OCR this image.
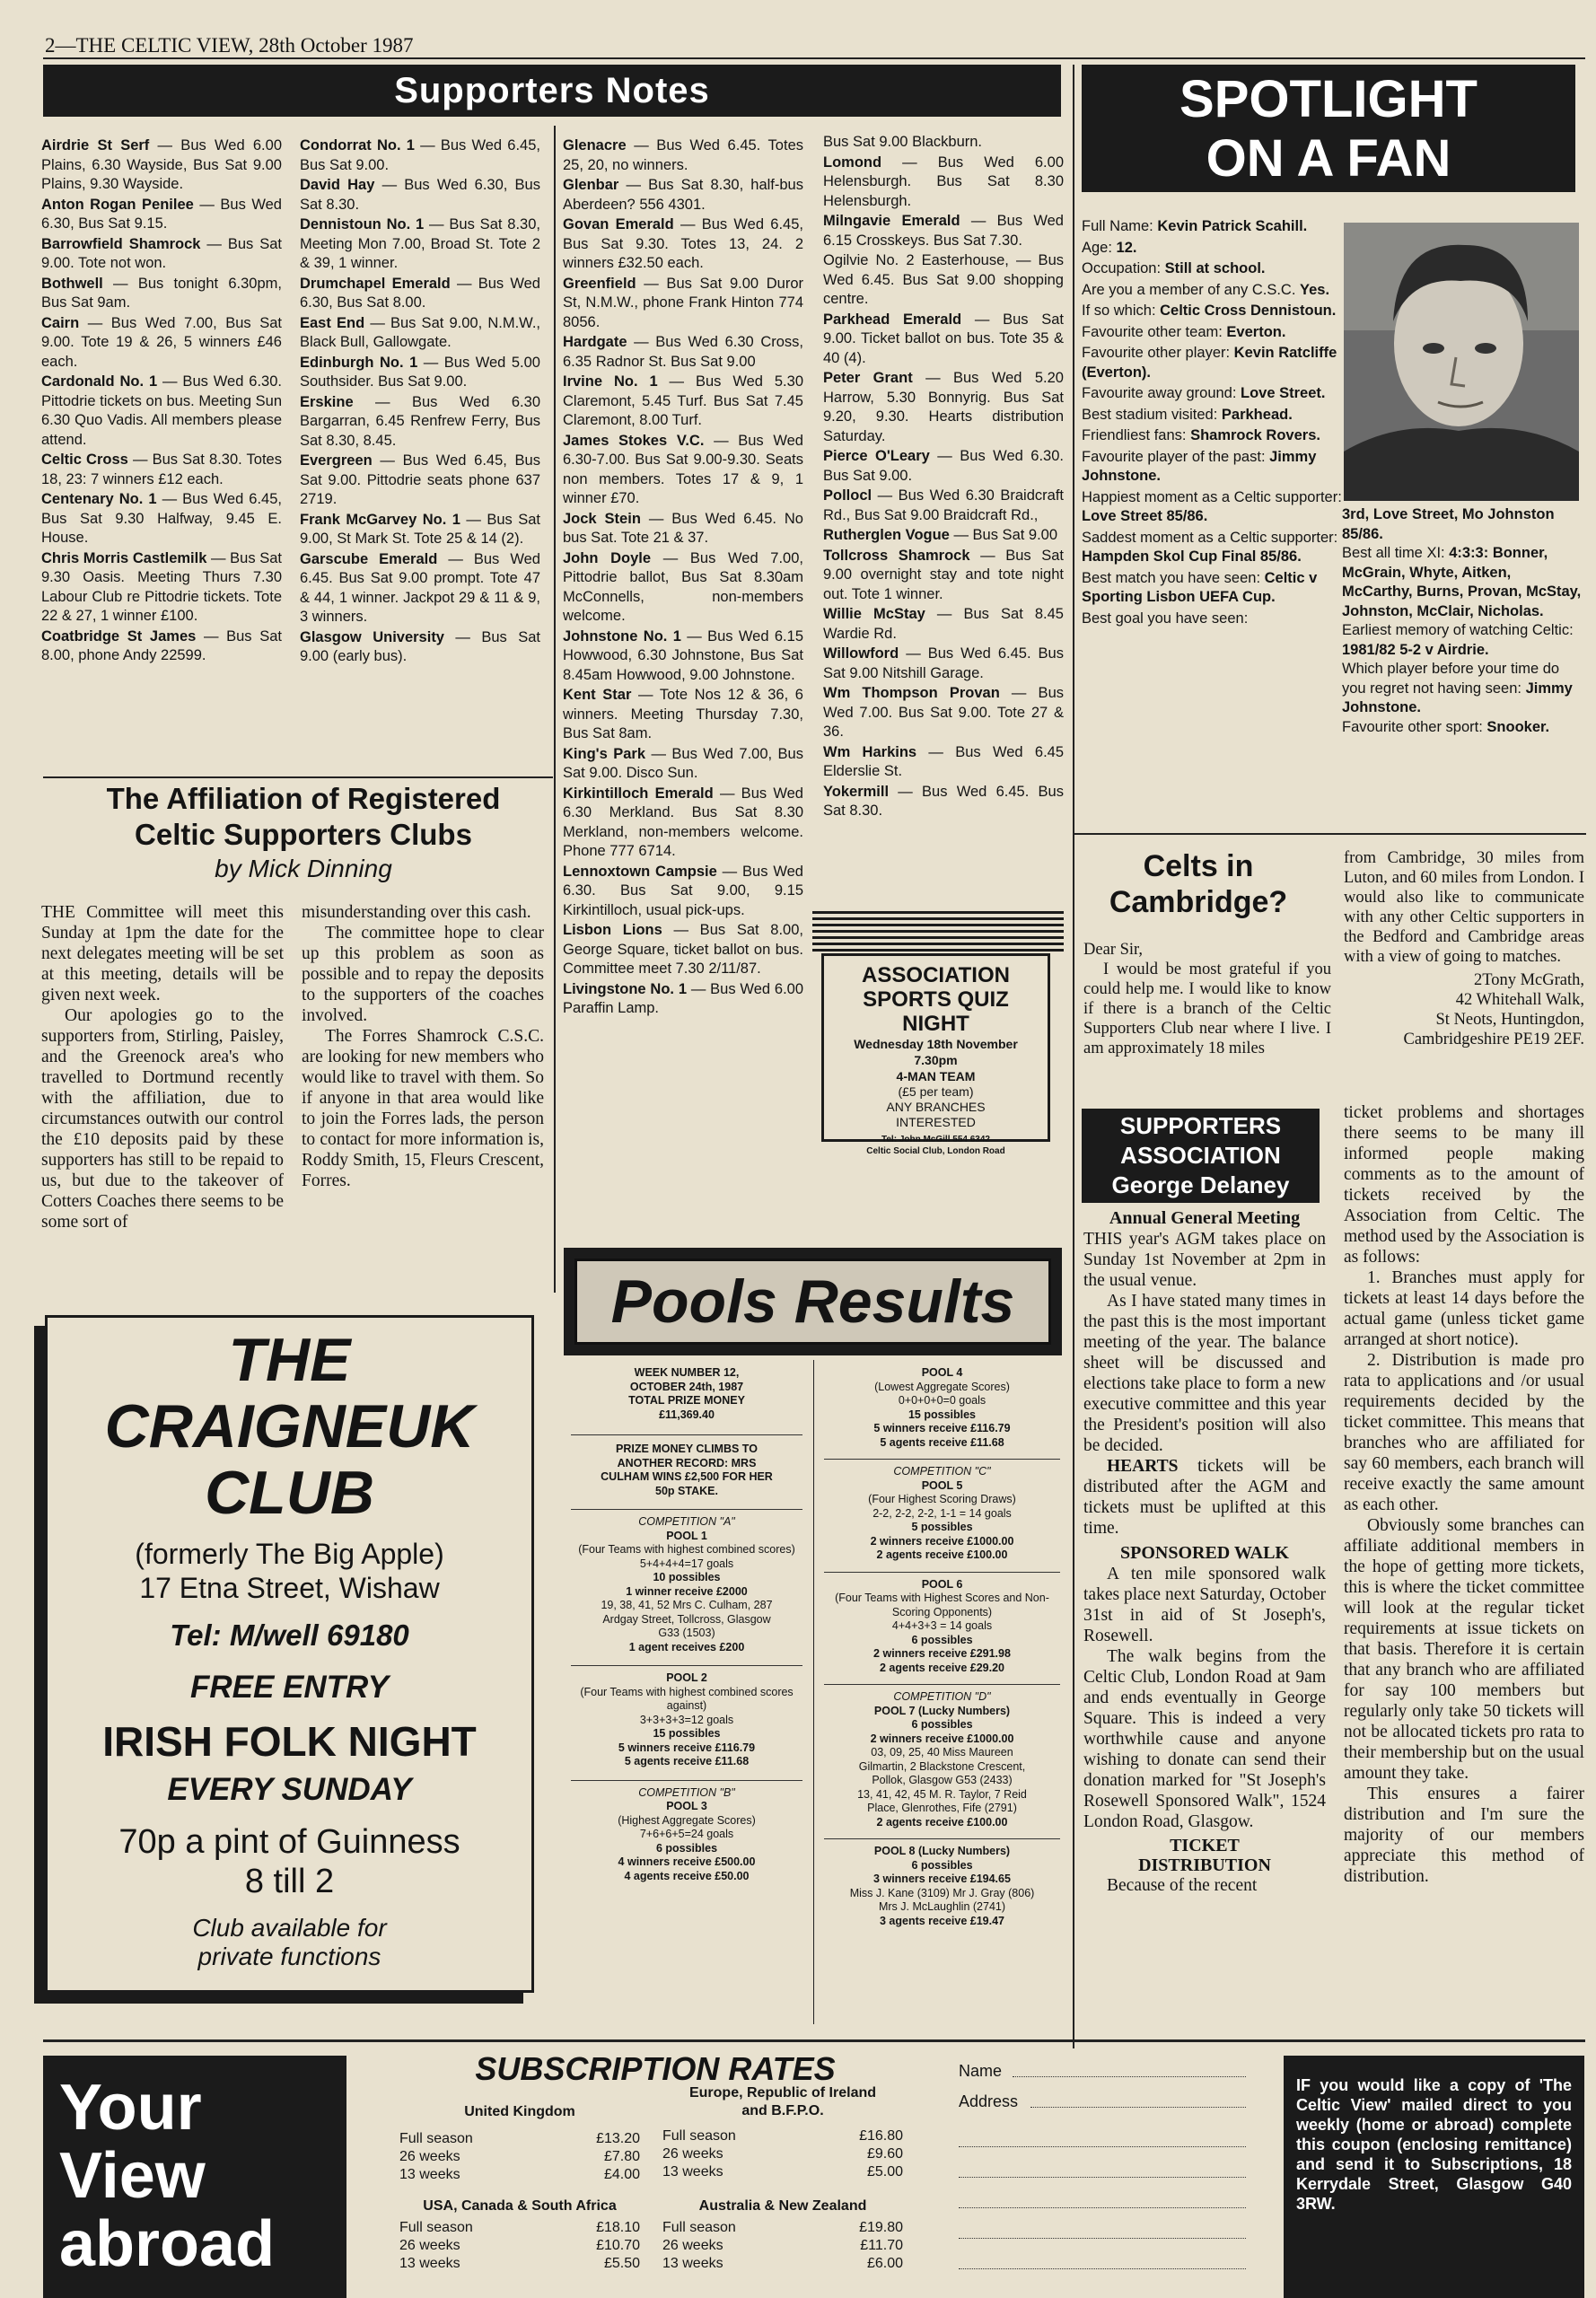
2—THE CELTIC VIEW, 28th October 1987
Supporters Notes

Airdrie St Serf — Bus Wed 6.00 Plains, 6.30 Wayside, Bus Sat 9.00 Plains, 9.30 Wayside.

Anton Rogan Penilee — Bus Wed 6.30, Bus Sat 9.15.

Barrowfield Shamrock — Bus Sat 9.00. Tote not won.

Bothwell — Bus tonight 6.30pm, Bus Sat 9am.

Cairn — Bus Wed 7.00, Bus Sat 9.00. Tote 19 & 26, 5 winners £46 each.

Cardonald No. 1 — Bus Wed 6.30. Pittodrie tickets on bus. Meeting Sun 6.30 Quo Vadis. All members please attend.

Celtic Cross — Bus Sat 8.30. Totes 18, 23: 7 winners £12 each.

Centenary No. 1 — Bus Wed 6.45, Bus Sat 9.30 Halfway, 9.45 E. House.

Chris Morris Castlemilk — Bus Sat 9.30 Oasis. Meeting Thurs 7.30 Labour Club re Pittodrie tickets. Tote 22 & 27, 1 winner £100.

Coatbridge St James — Bus Sat 8.00, phone Andy 22599.

Condorrat No. 1 — Bus Wed 6.45, Bus Sat 9.00.

David Hay — Bus Wed 6.30, Bus Sat 8.30.

Dennistoun No. 1 — Bus Sat 8.30, Meeting Mon 7.00, Broad St. Tote 2 & 39, 1 winner.

Drumchapel Emerald — Bus Wed 6.30, Bus Sat 8.00.

East End — Bus Sat 9.00, N.M.W., Black Bull, Gallowgate.

Edinburgh No. 1 — Bus Wed 5.00 Southsider. Bus Sat 9.00.

Erskine — Bus Wed 6.30 Bargarran, 6.45 Renfrew Ferry, Bus Sat 8.30, 8.45.

Evergreen — Bus Wed 6.45, Bus Sat 9.00. Pittodrie seats phone 637 2719.

Frank McGarvey No. 1 — Bus Sat 9.00, St Mark St. Tote 25 & 14 (2).

Garscube Emerald — Bus Wed 6.45. Bus Sat 9.00 prompt. Tote 47 & 44, 1 winner. Jackpot 29 & 11 & 9, 3 winners.

Glasgow University — Bus Sat 9.00 (early bus).

Glenacre — Bus Wed 6.45. Totes 25, 20, no winners.

Glenbar — Bus Sat 8.30, half-bus Aberdeen? 556 4301.

Govan Emerald — Bus Wed 6.45, Bus Sat 9.30. Totes 13, 24. 2 winners £32.50 each.

Greenfield — Bus Sat 9.00 Duror St, N.M.W., phone Frank Hinton 774 8056.

Hardgate — Bus Wed 6.30 Cross, 6.35 Radnor St. Bus Sat 9.00

Irvine No. 1 — Bus Wed 5.30 Claremont, 5.45 Turf. Bus Sat 7.45 Claremont, 8.00 Turf.

James Stokes V.C. — Bus Wed 6.30-7.00. Bus Sat 9.00-9.30. Seats non members. Totes 17 & 9, 1 winner £70.

Jock Stein — Bus Wed 6.45. No bus Sat. Tote 21 & 37.

John Doyle — Bus Wed 7.00, Pittodrie ballot, Bus Sat 8.30am McConnells, non-members welcome.

Johnstone No. 1 — Bus Wed 6.15 Howwood, 6.30 Johnstone, Bus Sat 8.45am Howwood, 9.00 Johnstone.

Kent Star — Tote Nos 12 & 36, 6 winners. Meeting Thursday 7.30, Bus Sat 8am.

King's Park — Bus Wed 7.00, Bus Sat 9.00. Disco Sun.

Kirkintilloch Emerald — Bus Wed 6.30 Merkland. Bus Sat 8.30 Merkland, non-members welcome. Phone 777 6714.

Lennoxtown Campsie — Bus Wed 6.30. Bus Sat 9.00, 9.15 Kirkintilloch, usual pick-ups.

Lisbon Lions — Bus Sat 8.00, George Square, ticket ballot on bus. Committee meet 7.30 2/11/87.

Livingstone No. 1 — Bus Wed 6.00 Paraffin Lamp.

Bus Sat 9.00 Blackburn.

Lomond — Bus Wed 6.00 Helensburgh. Bus Sat 8.30 Helensburgh.

Milngavie Emerald — Bus Wed 6.15 Crosskeys. Bus Sat 7.30.

Ogilvie No. 2 Easterhouse, — Bus Wed 6.45. Bus Sat 9.00 shopping centre.

Parkhead Emerald — Bus Sat 9.00. Ticket ballot on bus. Tote 35 & 40 (4).

Peter Grant — Bus Wed 5.20 Harrow, 5.30 Bonnyrig. Bus Sat 9.20, 9.30. Hearts distribution Saturday.

Pierce O'Leary — Bus Wed 6.30. Bus Sat 9.00.

Pollocl — Bus Wed 6.30 Braidcraft Rd., Bus Sat 9.00 Braidcraft Rd.,

Rutherglen Vogue — Bus Sat 9.00

Tollcross Shamrock — Bus Sat 9.00 overnight stay and tote night out. Tote 1 winner.

Willie McStay — Bus Sat 8.45 Wardie Rd.

Willowford — Bus Wed 6.45. Bus Sat 9.00 Nitshill Garage.

Wm Thompson Provan — Bus Wed 7.00. Bus Sat 9.00. Tote 27 & 36.

Wm Harkins — Bus Wed 6.45 Elderslie St.

Yokermill — Bus Wed 6.45. Bus Sat 8.30.

The Affiliation of Registered
Celtic Supporters Clubs
by Mick Dinning

THE Committee will meet this Sunday at 1pm the date for the next delegates meeting will be set at this meeting, details will be given next week.

Our apologies go to the supporters from, Stirling, Paisley, and the Greenock area's who travelled to Dortmund recently with the affiliation, due to circumstances outwith our control the £10 deposits paid by these supporters has still to be repaid to us, but due to the takeover of Cotters Coaches there seems to be some sort of

misunderstanding over this cash.

The committee hope to clear up this problem as soon as possible and to repay the deposits to the supporters of the coaches involved.

The Forres Shamrock C.S.C. are looking for new members who would like to travel with them. So if anyone in that area would like to join the Forres lads, the person to contact for more information is, Roddy Smith, 15, Fleurs Crescent, Forres.

THE
CRAIGNEUK
CLUB
(formerly The Big Apple)
17 Etna Street, Wishaw
Tel: M/well 69180
FREE ENTRY
IRISH FOLK NIGHT
EVERY SUNDAY
70p a pint of Guinness
8 till 2
Club available for
private functions
ASSOCIATION
SPORTS QUIZ
NIGHT
Wednesday 18th November
7.30pm
4-MAN TEAM
(£5 per team)
ANY BRANCHES
INTERESTED
Tel: John McGill 554 6342
Celtic Social Club, London Road
Pools Results
WEEK NUMBER 12,
OCTOBER 24th, 1987
TOTAL PRIZE MONEY
£11,369.40
PRIZE MONEY CLIMBS TO
ANOTHER RECORD: MRS
CULHAM WINS £2,500 FOR HER
50p STAKE.
COMPETITION "A"
POOL 1
(Four Teams with highest combined scores)
5+4+4+4=17 goals
10 possibles
1 winner receive £2000
19, 38, 41, 52 Mrs C. Culham, 287
Ardgay Street, Tollcross, Glasgow
G33 (1503)
1 agent receives £200
POOL 2
(Four Teams with highest combined scores against)
3+3+3+3=12 goals
15 possibles
5 winners receive £116.79
5 agents receive £11.68
COMPETITION "B"
POOL 3
(Highest Aggregate Scores)
7+6+6+5=24 goals
6 possibles
4 winners receive £500.00
4 agents receive £50.00
POOL 4
(Lowest Aggregate Scores)
0+0+0+0=0 goals
15 possibles
5 winners receive £116.79
5 agents receive £11.68
COMPETITION "C"
POOL 5
(Four Highest Scoring Draws)
2-2, 2-2, 2-2, 1-1 = 14 goals
5 possibles
2 winners receive £1000.00
2 agents receive £100.00
POOL 6
(Four Teams with Highest Scores and Non-Scoring Opponents)
4+4+3+3 = 14 goals
6 possibles
2 winners receive £291.98
2 agents receive £29.20
COMPETITION "D"
POOL 7 (Lucky Numbers)
6 possibles
2 winners receive £1000.00
03, 09, 25, 40 Miss Maureen
Gilmartin, 2 Blackstone Crescent,
Pollok, Glasgow G53 (2433)
13, 41, 42, 45 M. R. Taylor, 7 Reid
Place, Glenrothes, Fife (2791)
2 agents receive £100.00
POOL 8 (Lucky Numbers)
6 possibles
3 winners receive £194.65
Miss J. Kane (3109) Mr J. Gray (806)
Mrs J. McLaughlin (2741)
3 agents receive £19.47
SPOTLIGHT
ON A FAN

Full Name: Kevin Patrick Scahill.

Age: 12.

Occupation: Still at school.

Are you a member of any C.S.C. Yes.

If so which: Celtic Cross Dennistoun.

Favourite other team: Everton.

Favourite other player: Kevin Ratcliffe (Everton).

Favourite away ground: Love Street.

Best stadium visited: Parkhead.

Friendliest fans: Shamrock Rovers.

Favourite player of the past: Jimmy Johnstone.

Happiest moment as a Celtic supporter: Love Street 85/86.

Saddest moment as a Celtic supporter: Hampden Skol Cup Final 85/86.

Best match you have seen: Celtic v Sporting Lisbon UEFA Cup.

Best goal you have seen:

3rd, Love Street, Mo Johnston 85/86.

Best all time XI: 4:3:3: Bonner, McGrain, Whyte, Aitken, McCarthy, Burns, Provan, McStay, Johnston, McClair, Nicholas.

Earliest memory of watching Celtic: 1981/82 5-2 v Airdrie.

Which player before your time do you regret not having seen: Jimmy Johnstone.

Favourite other sport: Snooker.

Celts in Cambridge?

Dear Sir,

I would be most grateful if you could help me. I would like to know if there is a branch of the Celtic Supporters Club near where I live. I am approximately 18 miles

from Cambridge, 30 miles from Luton, and 60 miles from London. I would also like to communicate with any other Celtic supporters in the Bedford and Cambridge areas with a view of going to matches.

2Tony McGrath,

42 Whitehall Walk,

St Neots, Huntingdon,

Cambridgeshire PE19 2EF.

SUPPORTERS
ASSOCIATION
George Delaney
Annual General Meeting

THIS year's AGM takes place on Sunday 1st November at 2pm in the usual venue.

As I have stated many times in the past this is the most important meeting of the year. The balance sheet will be discussed and elections take place to form a new executive committee and this year the President's position will also be decided.

HEARTS tickets will be distributed after the AGM and tickets must be uplifted at this time.

SPONSORED WALK

A ten mile sponsored walk takes place next Saturday, October 31st in aid of St Joseph's, Rosewell.

The walk begins from the Celtic Club, London Road at 9am and ends eventually in George Square. This is indeed a very worthwhile cause and anyone wishing to donate can send their donation marked for "St Joseph's Rosewell Sponsored Walk", 1524 London Road, Glasgow.

TICKET
DISTRIBUTION

Because of the recent

ticket problems and shortages there seems to be many ill informed people making comments as to the amount of tickets received by the Association from Celtic. The method used by the Association is as follows:

1. Branches must apply for tickets at least 14 days before the actual game (unless ticket game arranged at short notice).

2. Distribution is made pro rata to applications and /or usual requirements decided by the ticket committee. This means that branches who are affiliated for say 60 members, each branch will receive exactly the same amount as each other.

Obviously some branches can affiliate additional members in the hope of getting more tickets, this is where the ticket committee will look at the regular ticket requirements at issue tickets on that basis. Therefore it is certain that any branch who are affiliated for say 100 members but regularly only take 50 tickets will not be allocated tickets pro rata to their membership but on the usual amount they take.

This ensures a fairer distribution and I'm sure the majority of our members appreciate this method of distribution.

Your
View
abroad
SUBSCRIPTION RATES
United Kingdom
Full season	£13.20
26 weeks	£7.80
13 weeks	£4.00
Europe, Republic of Ireland
and B.F.P.O.
Full season	£16.80
26 weeks	£9.60
13 weeks	£5.00
USA, Canada & South Africa
Full season	£18.10
26 weeks	£10.70
13 weeks	£5.50
Australia & New Zealand
Full season	£19.80
26 weeks	£11.70
13 weeks	£6.00
Name
Address
IF you would like a copy of 'The Celtic View' mailed direct to you weekly (home or abroad) complete this coupon (enclosing remittance) and send it to Subscriptions, 18 Kerrydale Street, Glasgow G40 3RW.
